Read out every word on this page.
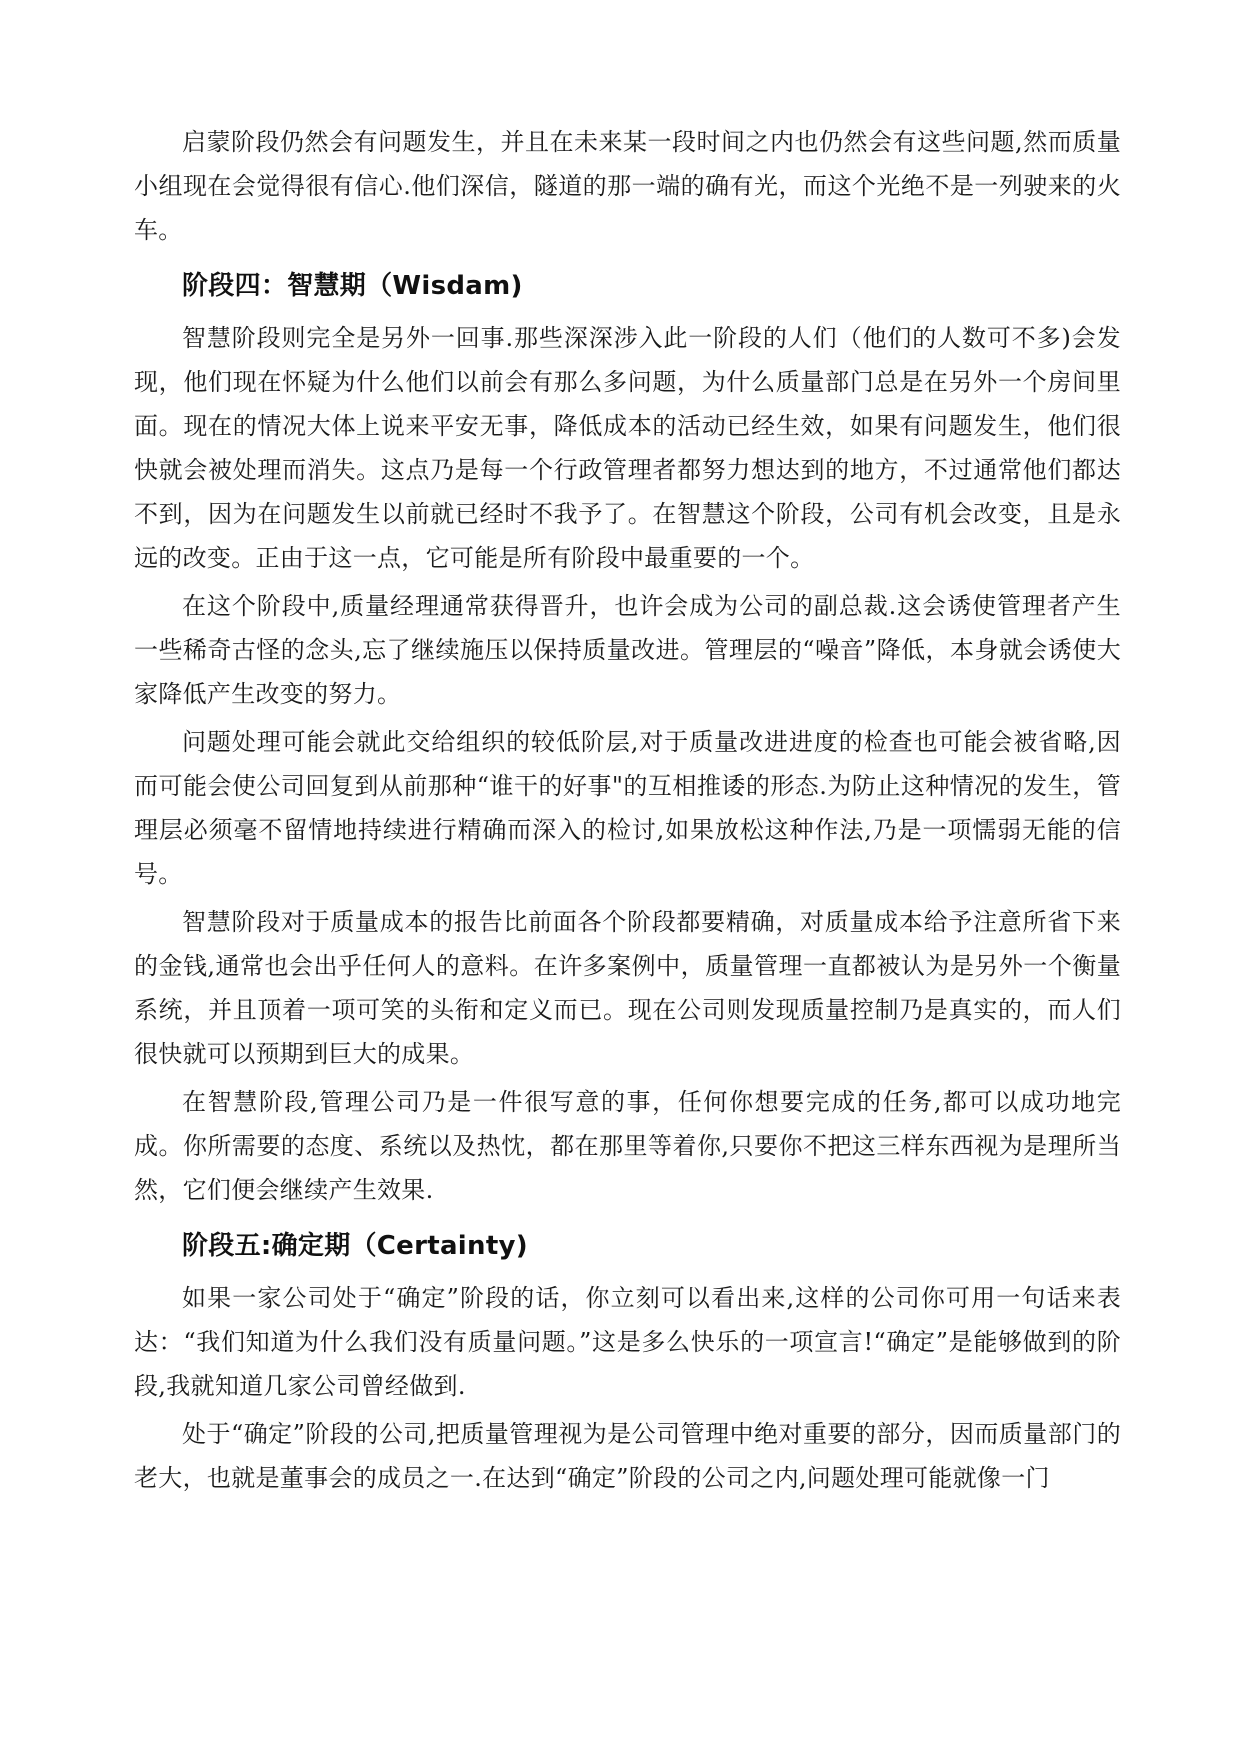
启蒙阶段仍然会有问题发生，并且在未来某一段时间之内也仍然会有这些问题,然而质量小组现在会觉得很有信心.他们深信，隧道的那一端的确有光，而这个光绝不是一列驶来的火车。

阶段四：智慧期（Wisdam)

智慧阶段则完全是另外一回事.那些深深涉入此一阶段的人们（他们的人数可不多)会发现，他们现在怀疑为什么他们以前会有那么多问题，为什么质量部门总是在另外一个房间里面。现在的情况大体上说来平安无事，降低成本的活动已经生效，如果有问题发生，他们很快就会被处理而消失。这点乃是每一个行政管理者都努力想达到的地方，不过通常他们都达不到，因为在问题发生以前就已经时不我予了。在智慧这个阶段，公司有机会改变，且是永远的改变。正由于这一点，它可能是所有阶段中最重要的一个。

在这个阶段中,质量经理通常获得晋升，也许会成为公司的副总裁.这会诱使管理者产生一些稀奇古怪的念头,忘了继续施压以保持质量改进。管理层的“噪音”降低，本身就会诱使大家降低产生改变的努力。

问题处理可能会就此交给组织的较低阶层,对于质量改进进度的检查也可能会被省略,因而可能会使公司回复到从前那种“谁干的好事"的互相推诿的形态.为防止这种情况的发生，管理层必须毫不留情地持续进行精确而深入的检讨,如果放松这种作法,乃是一项懦弱无能的信号。

智慧阶段对于质量成本的报告比前面各个阶段都要精确，对质量成本给予注意所省下来的金钱,通常也会出乎任何人的意料。在许多案例中，质量管理一直都被认为是另外一个衡量系统，并且顶着一项可笑的头衔和定义而已。现在公司则发现质量控制乃是真实的，而人们很快就可以预期到巨大的成果。

在智慧阶段,管理公司乃是一件很写意的事，任何你想要完成的任务,都可以成功地完成。你所需要的态度、系统以及热忱，都在那里等着你,只要你不把这三样东西视为是理所当然，它们便会继续产生效果.

阶段五:确定期（Certainty)

如果一家公司处于“确定”阶段的话，你立刻可以看出来,这样的公司你可用一句话来表达：“我们知道为什么我们没有质量问题。”这是多么快乐的一项宣言!“确定”是能够做到的阶段,我就知道几家公司曾经做到.

处于“确定”阶段的公司,把质量管理视为是公司管理中绝对重要的部分，因而质量部门的老大，也就是董事会的成员之一.在达到“确定”阶段的公司之内,问题处理可能就像一门
